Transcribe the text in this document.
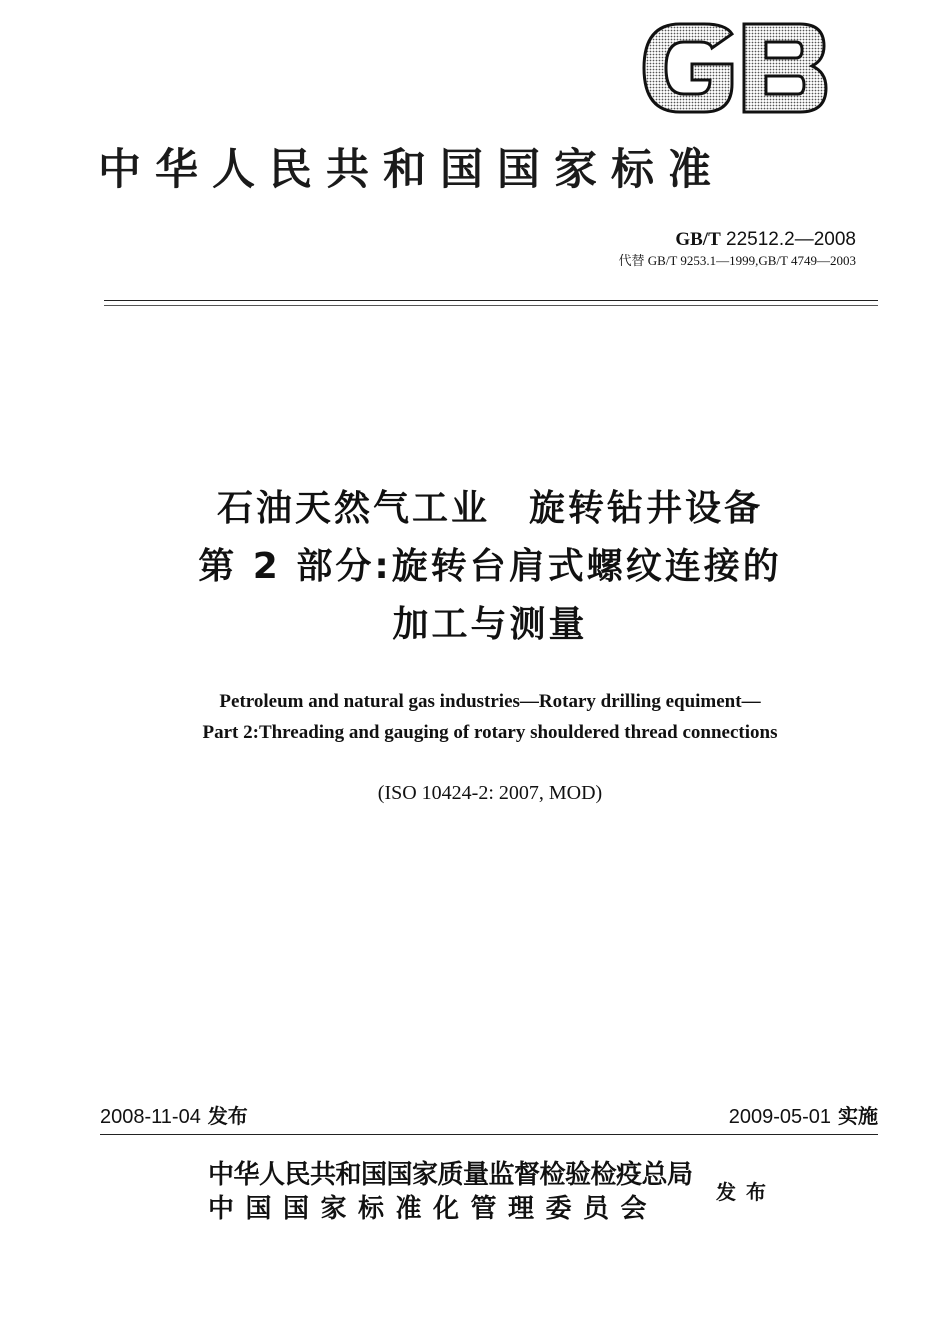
中华人民共和国国家标准
GB/T 22512.2—2008
代替 GB/T 9253.1—1999,GB/T 4749—2003
石油天然气工业　旋转钻井设备
第 2 部分:旋转台肩式螺纹连接的
加工与测量
Petroleum and natural gas industries—Rotary drilling equiment—
Part 2:Threading and gauging of rotary shouldered thread connections
(ISO 10424-2: 2007, MOD)
2008-11-04 发布	2009-05-01 实施
中华人民共和国国家质量监督检验检疫总局
中国国家标准化管理委员会
发布
